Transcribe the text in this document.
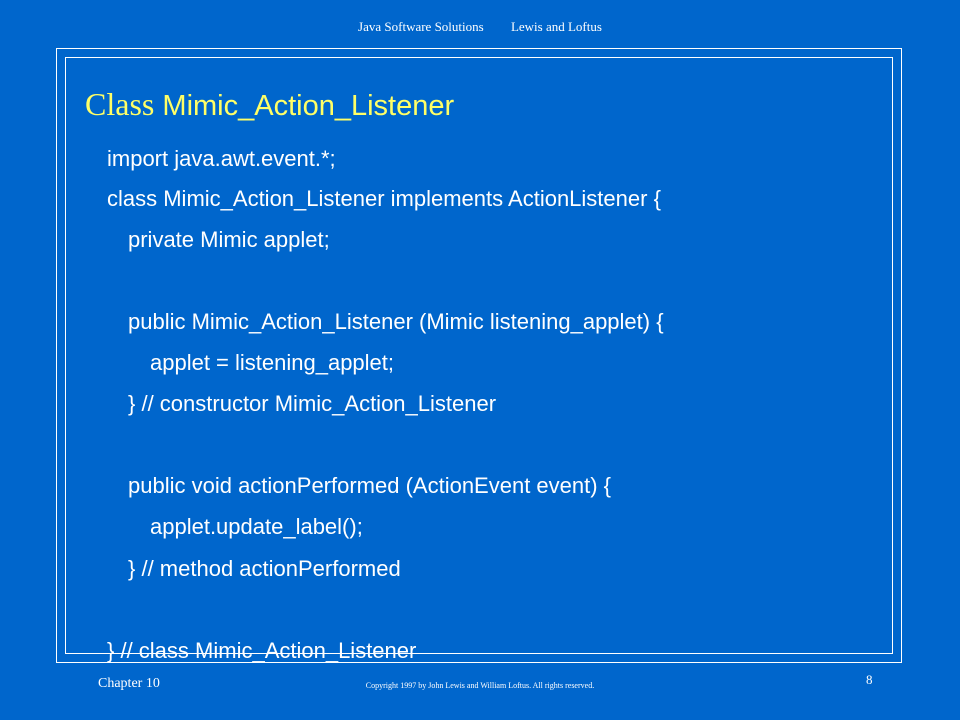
Java Software Solutions Lewis and Loftus
Class Mimic_Action_Listener
import java.awt.event.*;
class Mimic_Action_Listener implements ActionListener {
private Mimic applet;
public Mimic_Action_Listener (Mimic listening_applet) {
applet = listening_applet;
} // constructor Mimic_Action_Listener
public void actionPerformed (ActionEvent event) {
applet.update_label();
} // method actionPerformed
} // class Mimic_Action_Listener
Chapter 10	Copyright 1997 by John Lewis and William Loftus. All rights reserved.	8
